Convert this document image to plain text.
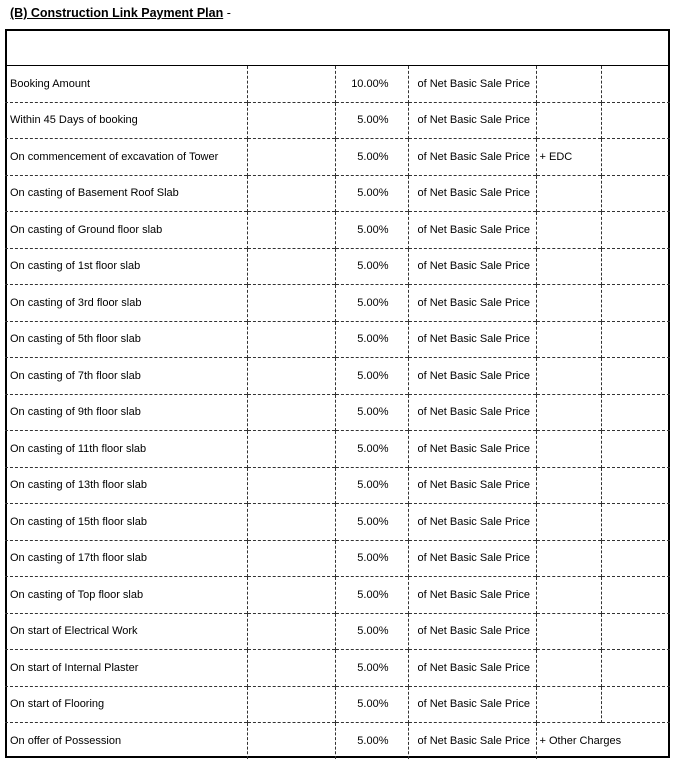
(B) Construction Link Payment Plan -
Booking Amount		10.00%	of Net Basic Sale Price		
Within 45 Days of booking		5.00%	of Net Basic Sale Price		
On commencement of excavation of Tower		5.00%	of Net Basic Sale Price	+ EDC	
On casting of Basement Roof Slab		5.00%	of Net Basic Sale Price		
On casting of Ground floor slab		5.00%	of Net Basic Sale Price		
On casting of 1st floor slab		5.00%	of Net Basic Sale Price		
On casting of 3rd floor slab		5.00%	of Net Basic Sale Price		
On casting of 5th floor slab		5.00%	of Net Basic Sale Price		
On casting of 7th floor slab		5.00%	of Net Basic Sale Price		
On casting of 9th floor slab		5.00%	of Net Basic Sale Price		
On casting of 11th floor slab		5.00%	of Net Basic Sale Price		
On casting of 13th floor slab		5.00%	of Net Basic Sale Price		
On casting of 15th floor slab		5.00%	of Net Basic Sale Price		
On casting of 17th floor slab		5.00%	of Net Basic Sale Price		
On casting of Top floor slab		5.00%	of Net Basic Sale Price		
On start of Electrical Work		5.00%	of Net Basic Sale Price		
On start of Internal Plaster		5.00%	of Net Basic Sale Price		
On start of Flooring		5.00%	of Net Basic Sale Price		
On offer of Possession		5.00%	of Net Basic Sale Price	+ Other Charges	
